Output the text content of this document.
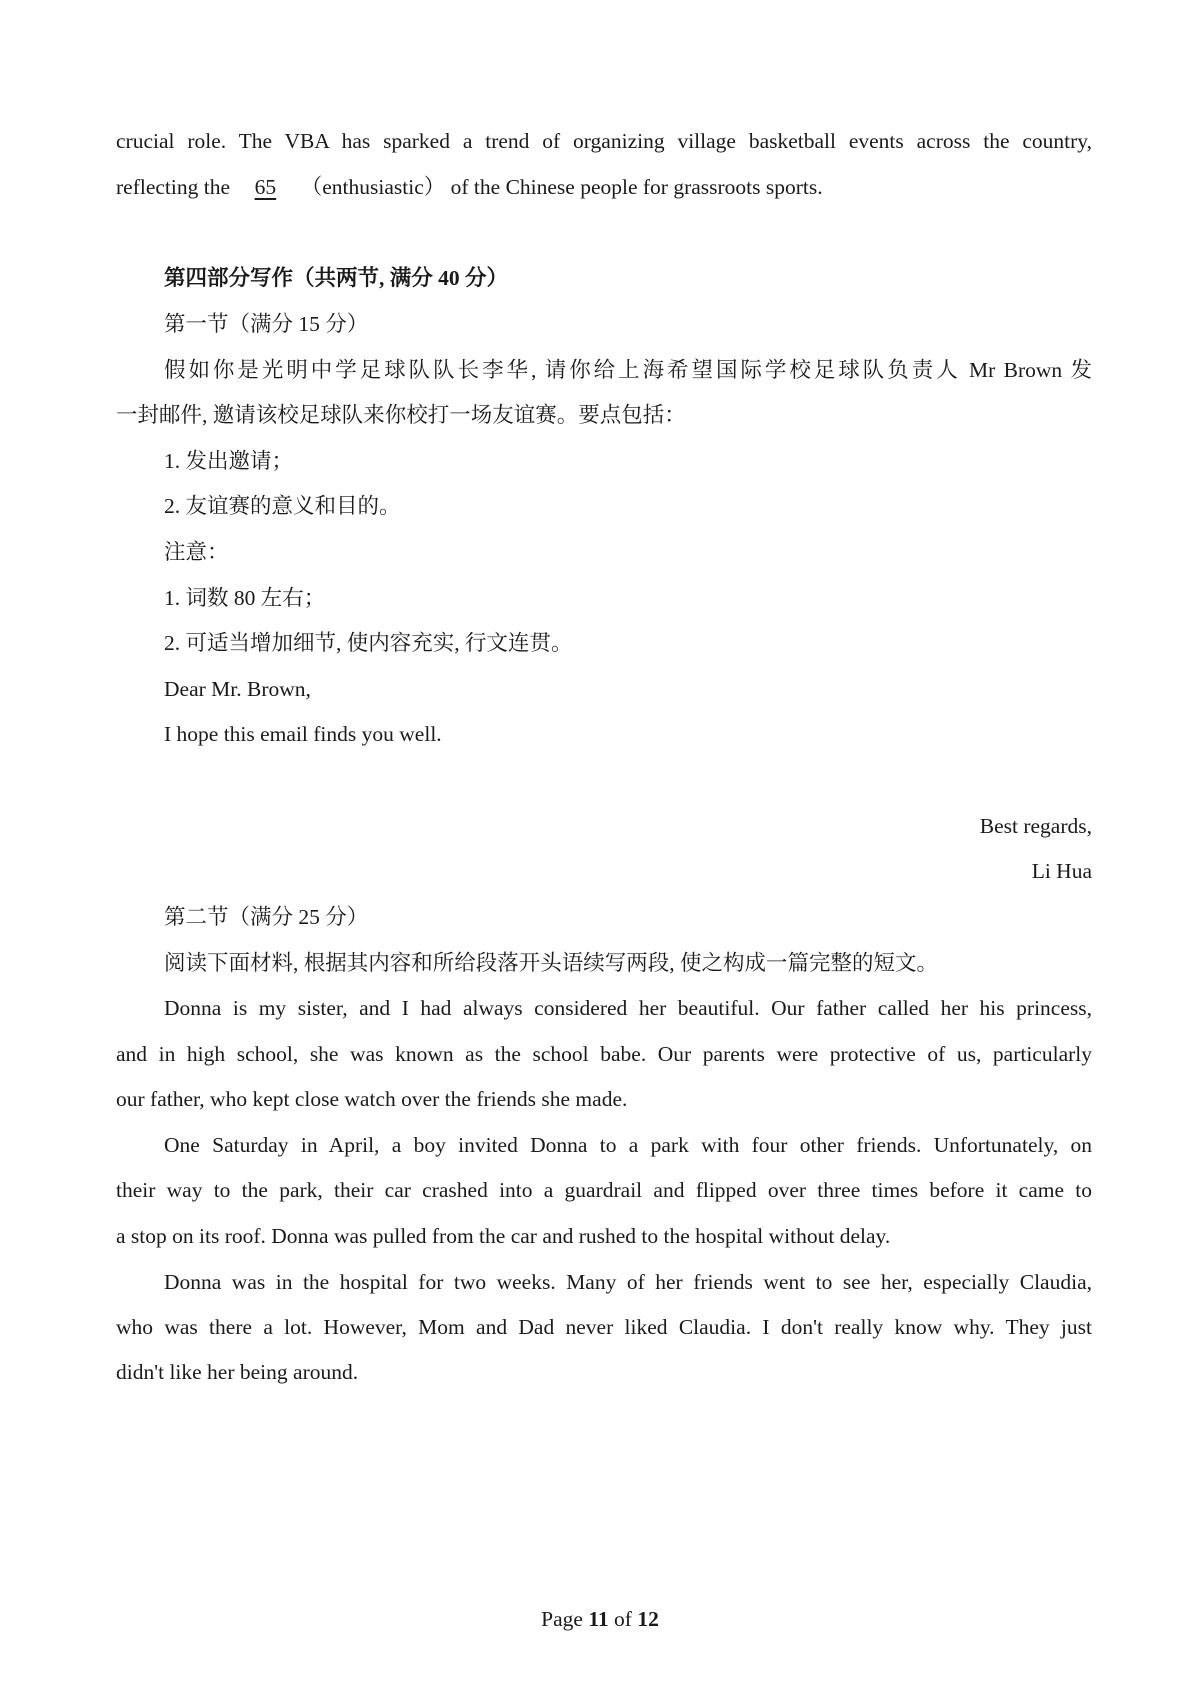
crucial role. The VBA has sparked a trend of organizing village basketball events across the country,
reflecting the 65 （enthusiastic） of the Chinese people for grassroots sports.
第四部分写作（共两节, 满分 40 分）
第一节（满分 15 分）
假如你是光明中学足球队队长李华, 请你给上海希望国际学校足球队负责人 Mr Brown 发
一封邮件, 邀请该校足球队来你校打一场友谊赛。要点包括：
1. 发出邀请；
2. 友谊赛的意义和目的。
注意：
1. 词数 80 左右；
2. 可适当增加细节, 使内容充实, 行文连贯。
Dear Mr. Brown,
I hope this email finds you well.
Best regards,
Li Hua
第二节（满分 25 分）
阅读下面材料, 根据其内容和所给段落开头语续写两段, 使之构成一篇完整的短文。
Donna is my sister, and I had always considered her beautiful. Our father called her his princess,
and in high school, she was known as the school babe. Our parents were protective of us, particularly
our father, who kept close watch over the friends she made.
One Saturday in April, a boy invited Donna to a park with four other friends. Unfortunately, on
their way to the park, their car crashed into a guardrail and flipped over three times before it came to
a stop on its roof. Donna was pulled from the car and rushed to the hospital without delay.
Donna was in the hospital for two weeks. Many of her friends went to see her, especially Claudia,
who was there a lot. However, Mom and Dad never liked Claudia. I don't really know why. They just
didn't like her being around.
Page 11 of 12
